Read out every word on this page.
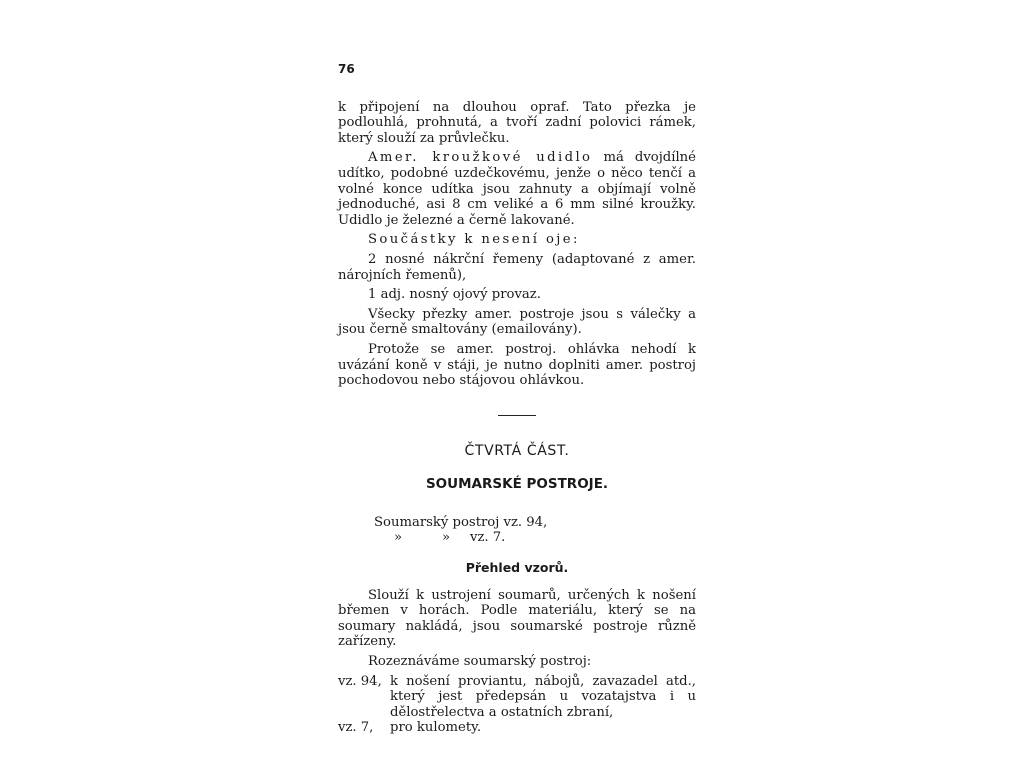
76

k připojení na dlouhou opraf. Tato přezka je podlouhlá, prohnutá, a tvoří zadní polovici rámek, který slouží za průvlečku.

Amer. kroužkové udidlo má dvojdílné udítko, podobné uzdečkovému, jenže o něco tenčí a volné konce udítka jsou zahnuty a objímají volně jednoduché, asi 8 cm veliké a 6 mm silné kroužky. Udidlo je železné a černě lakované.

Součástky k nesení oje:

2 nosné nákrční řemeny (adaptované z amer. nárojních řemenů),

1 adj. nosný ojový provaz.

Všecky přezky amer. postroje jsou s válečky a jsou černě smaltovány (emailovány).

Protože se amer. postroj. ohlávka nehodí k uvázání koně v stáji, je nutno doplniti amer. postroj pochodovou nebo stájovou ohlávkou.

ČTVRTÁ ČÁST.
SOUMARSKÉ POSTROJE.
Soumarský postroj vz. 94,
»	»	vz. 7.
Přehled vzorů.

Slouží k ustrojení soumarů, určených k nošení břemen v horách. Podle materiálu, který se na soumary nakládá, jsou soumarské postroje různě zařízeny.

Rozeznáváme soumarský postroj:

vz. 94, k nošení proviantu, nábojů, zavazadel atd., který jest předepsán u vozatajstva i u dělostřelectva a ostatních zbraní,
vz. 7,	pro kulomety.
